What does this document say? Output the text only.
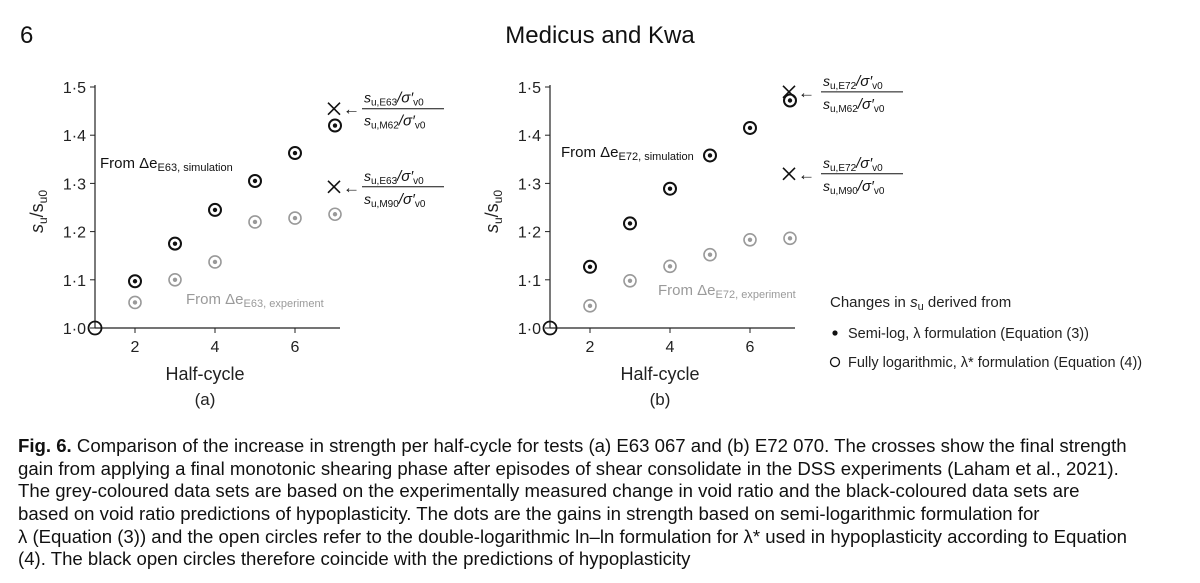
6	Medicus and Kwa
1·0
1·1
1·2
1·3
1·4
1·5
2	4	6
Half-cycle
(a)
$s_u/s_{u0}$
←
$s_{u,E63}/\sigma'_{v0}$
$s_{u,M62}/\sigma'_{v0}$
←
$s_{u,E63}/\sigma'_{v0}$
$s_{u,M90}/\sigma'_{v0}$
From $\Delta e_{E63, simulation}$
From $\Delta e_{E63, experiment}$
1·0
1·1
1·2
1·3
1·4
1·5
2	4	6
Half-cycle
(b)
$s_u/s_{u0}$
←
$s_{u,E72}/\sigma'_{v0}$
$s_{u,M62}/\sigma'_{v0}$
←
$s_{u,E72}/\sigma'_{v0}$
$s_{u,M90}/\sigma'_{v0}$
From $\Delta e_{E72, simulation}$
From $\Delta e_{E72, experiment}$ Changes in $s_u$ derived from
Semi-log, λ formulation (Equation (3))
Fully logarithmic, λ* formulation (Equation (4))
Fig. 6. Comparison of the increase in strength per half-cycle for tests (a) E63 067 and (b) E72 070. The crosses show the final strength
gain from applying a final monotonic shearing phase after episodes of shear consolidate in the DSS experiments (Laham et al., 2021).
The grey-coloured data sets are based on the experimentally measured change in void ratio and the black-coloured data sets are
based on void ratio predictions of hypoplasticity. The dots are the gains in strength based on semi-logarithmic formulation for
λ (Equation (3)) and the open circles refer to the double-logarithmic ln–ln formulation for λ* used in hypoplasticity according to Equation
(4). The black open circles therefore coincide with the predictions of hypoplasticity
